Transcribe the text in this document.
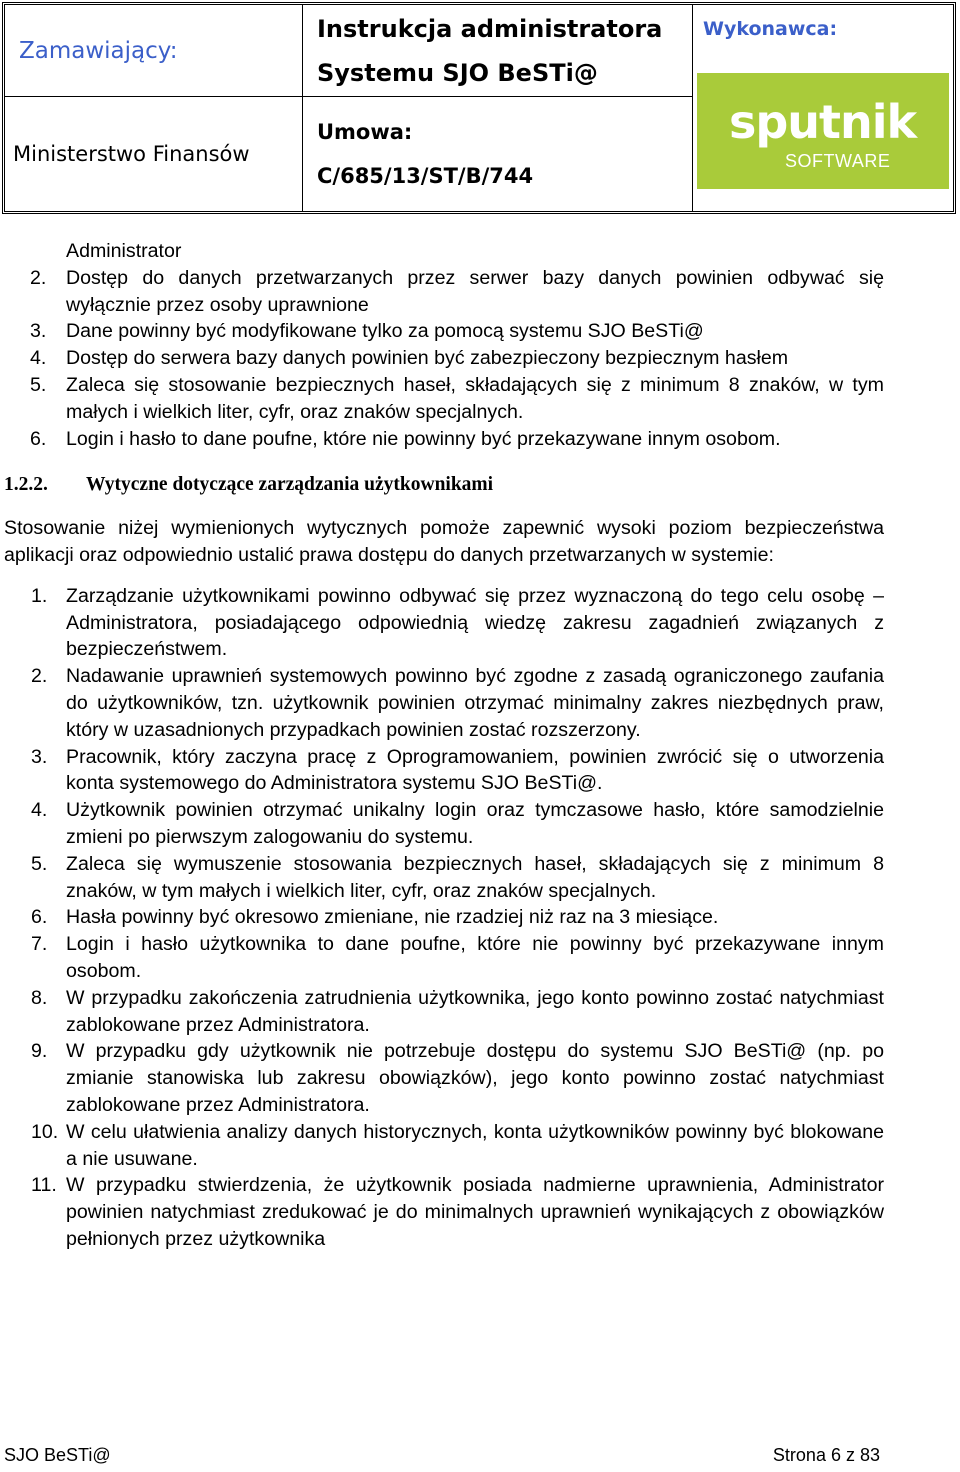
Zamawiający:
Ministerstwo Finansów
Instrukcja administratora
Systemu SJO BeSTi@
Umowa:
C/685/13/ST/B/744
Wykonawca:
sputnik
SOFTWARE

Administrator

2. Dostęp do danych przetwarzanych przez serwer bazy danych powinien odbywać się wyłącznie przez osoby uprawnione

3. Dane powinny być modyfikowane tylko za pomocą systemu SJO BeSTi@

4. Dostęp do serwera bazy danych powinien być zabezpieczony bezpiecznym hasłem

5. Zaleca się stosowanie bezpiecznych haseł, składających się z minimum 8 znaków, w tym małych i wielkich liter, cyfr, oraz znaków specjalnych.

6. Login i hasło to dane poufne, które nie powinny być przekazywane innym osobom.

1.2.2.	Wytyczne dotyczące zarządzania użytkownikami

Stosowanie niżej wymienionych wytycznych pomoże zapewnić wysoki poziom bezpieczeństwa aplikacji oraz odpowiednio ustalić prawa dostępu do danych przetwarzanych w systemie:

1. Zarządzanie użytkownikami powinno odbywać się przez wyznaczoną do tego celu osobę – Administratora, posiadającego odpowiednią wiedzę zakresu zagadnień związanych z bezpieczeństwem.

2. Nadawanie uprawnień systemowych powinno być zgodne z zasadą ograniczonego zaufania do użytkowników, tzn. użytkownik powinien otrzymać minimalny zakres niezbędnych praw, który w uzasadnionych przypadkach powinien zostać rozszerzony.

3. Pracownik, który zaczyna pracę z Oprogramowaniem, powinien zwrócić się o utworzenia konta systemowego do Administratora systemu SJO BeSTi@.

4. Użytkownik powinien otrzymać unikalny login oraz tymczasowe hasło, które samodzielnie zmieni po pierwszym zalogowaniu do systemu.

5. Zaleca się wymuszenie stosowania bezpiecznych haseł, składających się z minimum 8 znaków, w tym małych i wielkich liter, cyfr, oraz znaków specjalnych.

6. Hasła powinny być okresowo zmieniane, nie rzadziej niż raz na 3 miesiące.

7. Login i hasło użytkownika to dane poufne, które nie powinny być przekazywane innym osobom.

8. W przypadku zakończenia zatrudnienia użytkownika, jego konto powinno zostać natychmiast zablokowane przez Administratora.

9. W przypadku gdy użytkownik nie potrzebuje dostępu do systemu SJO BeSTi@ (np. po zmianie stanowiska lub zakresu obowiązków), jego konto powinno zostać natychmiast zablokowane przez Administratora.

10. W celu ułatwienia analizy danych historycznych, konta użytkowników powinny być blokowane a nie usuwane.

11. W przypadku stwierdzenia, że użytkownik posiada nadmierne uprawnienia, Administrator powinien natychmiast zredukować je do minimalnych uprawnień wynikających z obowiązków pełnionych przez użytkownika

SJO BeSTi@	Strona 6 z 83
